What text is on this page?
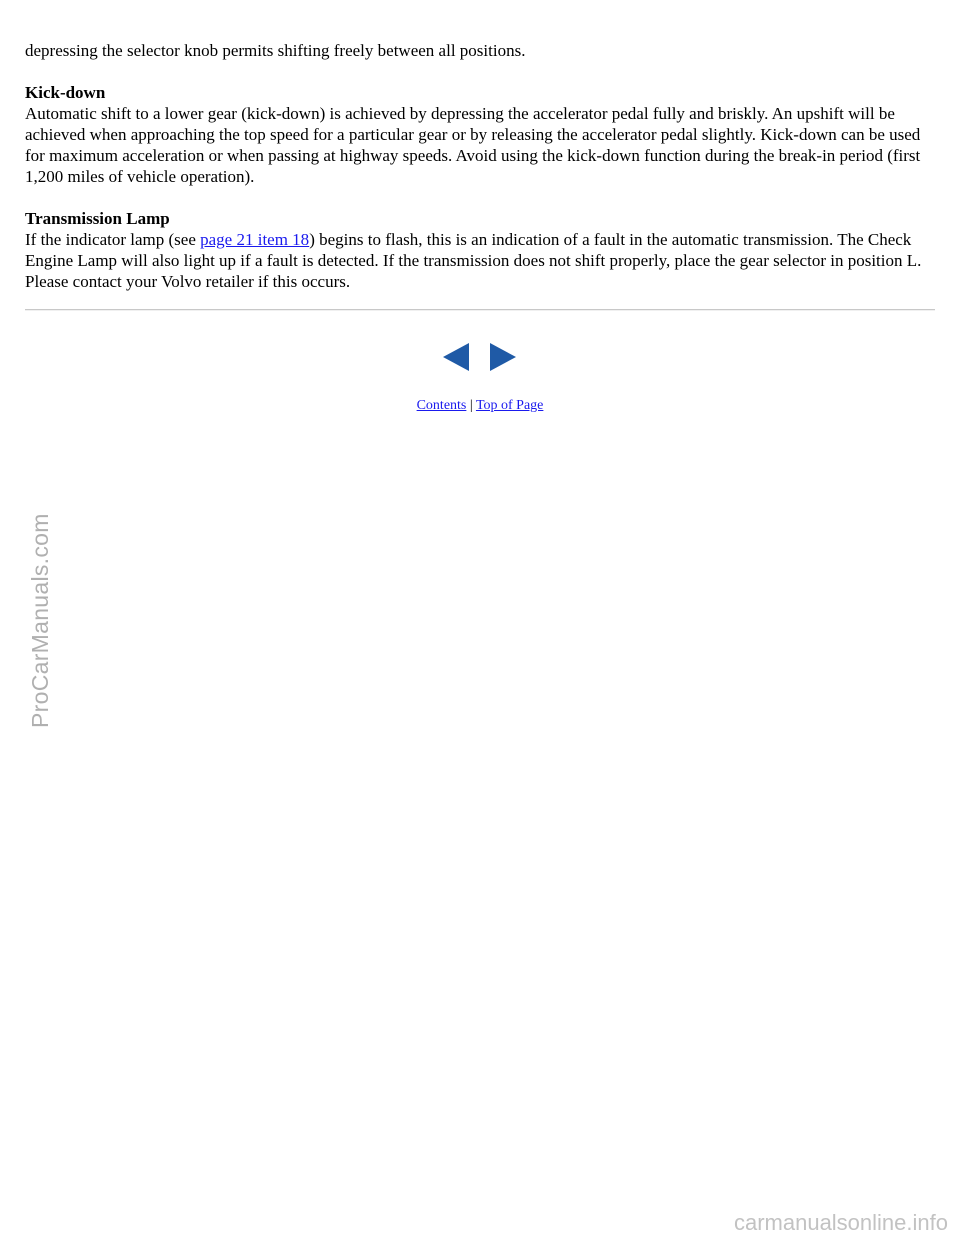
depressing the selector knob permits shifting freely between all positions.

Kick-down
Automatic shift to a lower gear (kick-down) is achieved by depressing the accelerator pedal fully and briskly. An upshift will be achieved when approaching the top speed for a particular gear or by releasing the accelerator pedal slightly. Kick-down can be used for maximum acceleration or when passing at highway speeds. Avoid using the kick-down function during the break-in period (first 1,200 miles of vehicle operation).

Transmission Lamp
If the indicator lamp (see page 21 item 18) begins to flash, this is an indication of a fault in the automatic transmission. The Check Engine Lamp will also light up if a fault is detected. If the transmission does not shift properly, place the gear selector in position L. Please contact your Volvo retailer if this occurs.

Contents | Top of Page
ProCarManuals.com
carmanualsonline.info
